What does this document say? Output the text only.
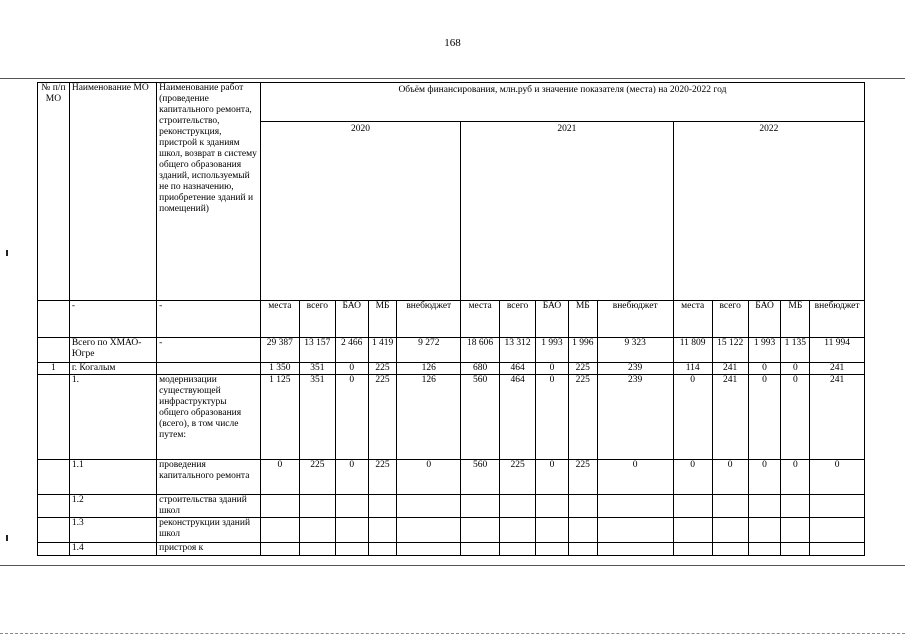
168
№ п/п МО	Наименование МО	Наименование работ (проведение капитального ремонта, строительство, реконструкция, пристрой к зданиям школ, возврат в систему общего образования зданий, используемый не по назначению, приобретение зданий и помещений)	Объём финансирования, млн.руб и значение показателя (места) на 2020-2022 год														
			2020					2021					2022				
	-	-	места	всего	БАО	МБ	внебюджет	места	всего	БАО	МБ	внебюджет	места	всего	БАО	МБ	внебюджет
	Всего по ХМАО-Югре	-	29 387	13 157	2 466	1 419	9 272	18 606	13 312	1 993	1 996	9 323	11 809	15 122	1 993	1 135	11 994
1	г. Когалым		1 350	351	0	225	126	680	464	0	225	239	114	241	0	0	241
	1.	модернизации существующей инфраструктуры общего образования (всего), в том числе путем:	1 125	351	0	225	126	560	464	0	225	239	0	241	0	0	241
	1.1	проведения капитального ремонта	0	225	0	225	0	560	225	0	225	0	0	0	0	0	0
	1.2	строительства зданий школ															
	1.3	реконструкции зданий школ															
	1.4	пристроя к															
